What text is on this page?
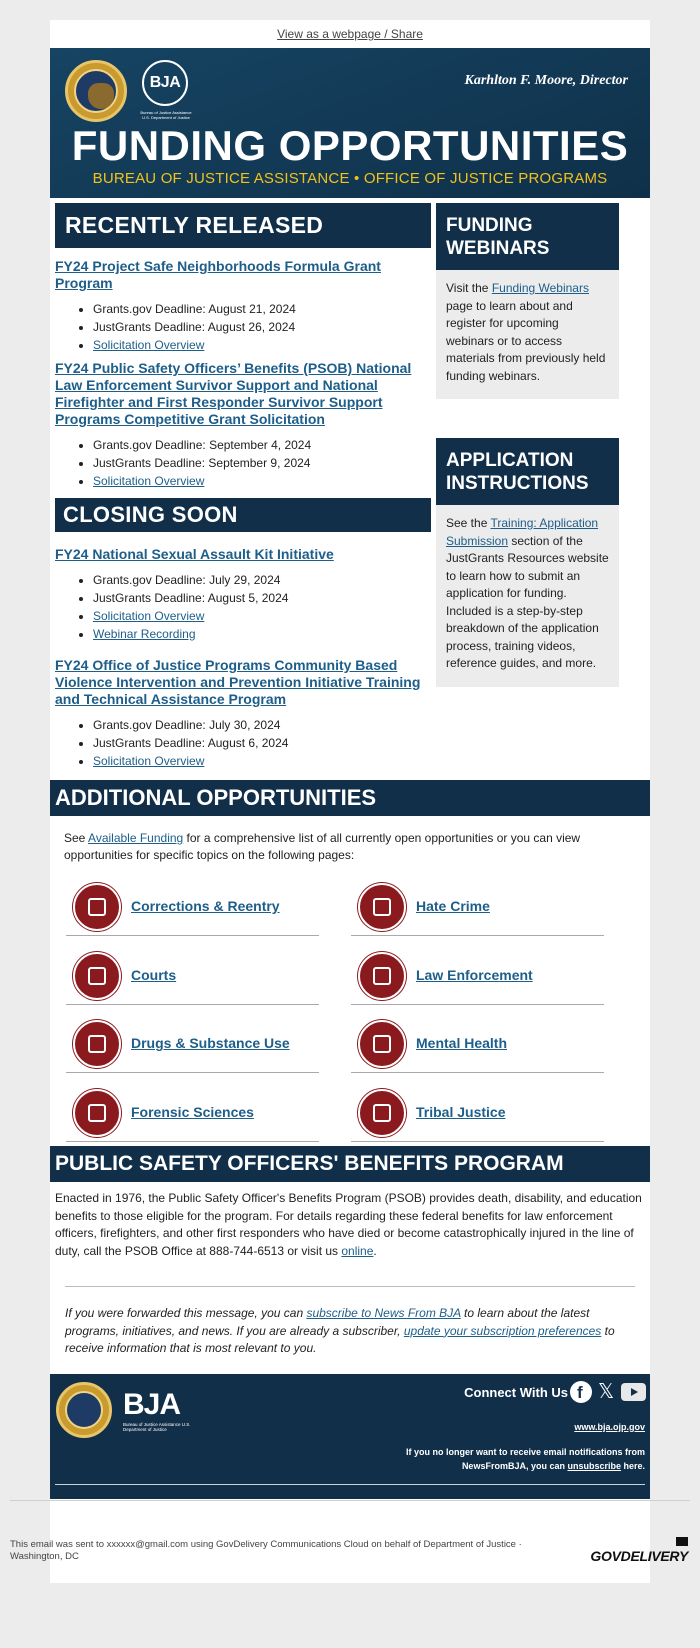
View as a webpage / Share
BJA
Bureau of Justice Assistance U.S. Department of Justice
Karhlton F. Moore, Director
FUNDING OPPORTUNITIES
BUREAU OF JUSTICE ASSISTANCE • OFFICE OF JUSTICE PROGRAMS
RECENTLY RELEASED
FY24 Project Safe Neighborhoods Formula Grant Program
• Grants.gov Deadline: August 21, 2024
• JustGrants Deadline: August 26, 2024
• Solicitation Overview
FY24 Public Safety Officers’ Benefits (PSOB) National Law Enforcement Survivor Support and National Firefighter and First Responder Survivor Support Programs Competitive Grant Solicitation
• Grants.gov Deadline: September 4, 2024
• JustGrants Deadline: September 9, 2024
• Solicitation Overview
CLOSING SOON
FY24 National Sexual Assault Kit Initiative
• Grants.gov Deadline: July 29, 2024
• JustGrants Deadline: August 5, 2024
• Solicitation Overview
• Webinar Recording
FY24 Office of Justice Programs Community Based Violence Intervention and Prevention Initiative Training and Technical Assistance Program
• Grants.gov Deadline: July 30, 2024
• JustGrants Deadline: August 6, 2024
• Solicitation Overview
FUNDING WEBINARS
Visit the Funding Webinars page to learn about and register for upcoming webinars or to access materials from previously held funding webinars.
APPLICATION INSTRUCTIONS
See the Training: Application Submission section of the JustGrants Resources website to learn how to submit an application for funding. Included is a step-by-step breakdown of the application process, training videos, reference guides, and more.
ADDITIONAL OPPORTUNITIES
See Available Funding for a comprehensive list of all currently open opportunities or you can view opportunities for specific topics on the following pages:
Corrections & Reentry	Hate Crime
Courts	Law Enforcement
Drugs & Substance Use	Mental Health
Forensic Sciences	Tribal Justice
PUBLIC SAFETY OFFICERS' BENEFITS PROGRAM
Enacted in 1976, the Public Safety Officer's Benefits Program (PSOB) provides death, disability, and education benefits to those eligible for the program. For details regarding these federal benefits for law enforcement officers, firefighters, and other first responders who have died or become catastrophically injured in the line of duty, call the PSOB Office at 888-744-6513 or visit us online.
If you were forwarded this message, you can subscribe to News From BJA to learn about the latest programs, initiatives, and news. If you are already a subscriber, update your subscription preferences to receive information that is most relevant to you.
BJA
Bureau of Justice Assistance U.S. Department of Justice
Connect With Us
f 𝕏
www.bja.ojp.gov
If you no longer want to receive email notifications from NewsFromBJA, you can unsubscribe here.
This email was sent to xxxxxx@gmail.com using GovDelivery Communications Cloud on behalf of Department of Justice · Washington, DC	GOVDELIVERY
